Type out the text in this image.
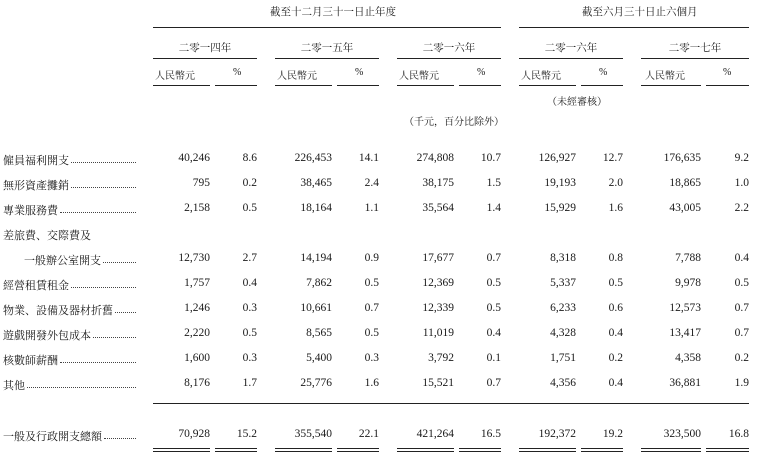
截至十二月三十一日止年度	截至六月三十日止六個月
二零一四年	二零一五年	二零一六年	二零一六年	二零一七年
人民幣元	%	人民幣元	%	人民幣元	%	人民幣元	%	人民幣元	%
（未經審核）
（千元，百分比除外）
僱員福利開支	40,246	8.6	226,453 14.1	274,808 10.7	126,927 12.7	176,635	9.2
無形資產攤銷	795	0.2	38,465	2.4	38,175	1.5	19,193	2.0	18,865	1.0
專業服務費	2,158	0.5	18,164	1.1	35,564	1.4	15,929	1.6	43,005	2.2
差旅費、交際費及
一般辦公室開支	12,730	2.7	14,194	0.9	17,677	0.7	8,318	0.8	7,788	0.4
經營租賃租金	1,757	0.4	7,862	0.5	12,369	0.5	5,337	0.5	9,978	0.5
物業、設備及器材折舊	1,246	0.3	10,661	0.7	12,339	0.5	6,233	0.6	12,573	0.7
遊戲開發外包成本	2,220	0.5	8,565	0.5	11,019	0.4	4,328	0.4	13,417	0.7
核數師薪酬	1,600	0.3	5,400	0.3	3,792	0.1	1,751	0.2	4,358	0.2
其他	8,176	1.7	25,776	1.6	15,521	0.7	4,356	0.4	36,881	1.9
一般及行政開支總額	70,928 15.2	355,540 22.1	421,264 16.5	192,372 19.2	323,500 16.8
